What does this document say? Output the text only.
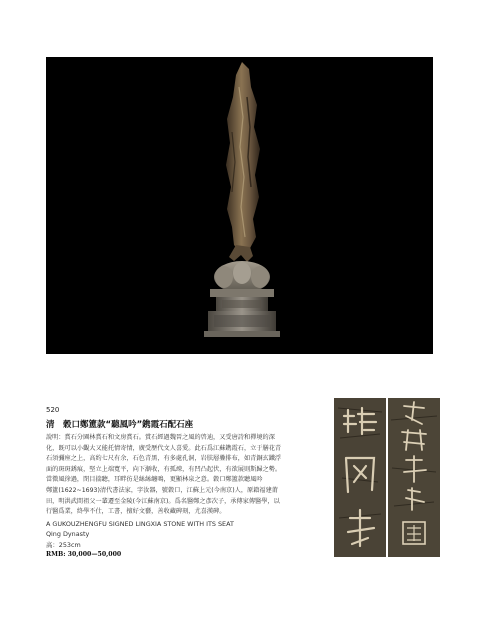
520
清　穀口鄭簠款“聽風吟”鎸霞石配石座

說明：賞石分園林賞石和文房賞石。賞石經過魏晉之風的啓迪，又受唐詩和禪境的深

化，既可以小觀大又能托情寄情，廣受歷代文人喜愛。此石爲江蘇鎸霞石，立于膳花青

石須彌座之上，高約七尺有余，石色青黑，有多處孔洞，岩肤層疊排布，如青銅玄鐵浮

面的斑斑銹痕，堅立上端寬平，向下漸收，有孤竦，有凹凸起伏，有欲展則斯歸之勢。

當微風徐過，閉目揣聽，耳畔彷是絲絲纏鳴，更顯林泉之意。穀口鄭簠款聽風吟

鄭簠(1622~1693)清代書法家，字汝器，號穀口，江蘇上元(今南京)人，原籍福建莆

田，明洪武間祖父一輩遷至金陵(今江蘇南京)。爲名醫鄭之彥次子，承傳家傳醫學，以

行醫爲業，終學不仕，工書，擅好文藝，善收藏碑刻，尤喜漢碑。

A GUKOUZHENGFU SIGNED LINGXIA STONE WITH ITS SEAT
Qing Dynasty
高：253cm
RMB: 30,000—50,000
